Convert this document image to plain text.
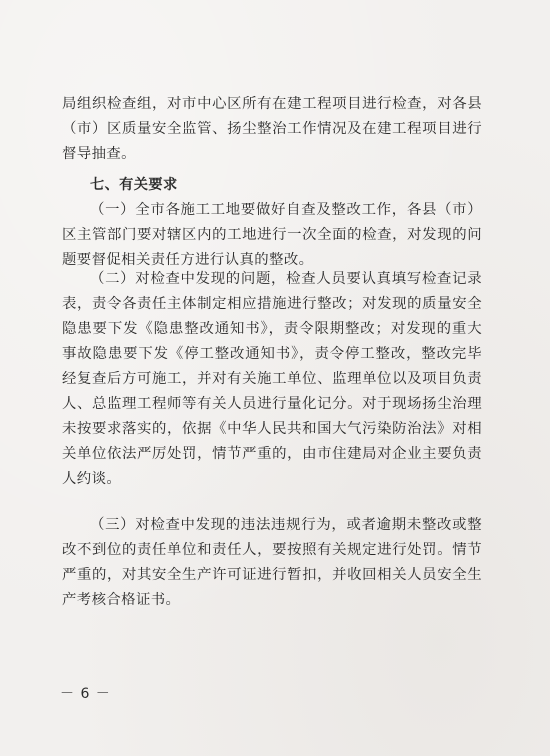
局组织检查组，对市中心区所有在建工程项目进行检查，对各县（市）区质量安全监管、扬尘整治工作情况及在建工程项目进行督导抽查。

七、有关要求

（一）全市各施工工地要做好自查及整改工作，各县（市）区主管部门要对辖区内的工地进行一次全面的检查，对发现的问题要督促相关责任方进行认真的整改。

（二）对检查中发现的问题，检查人员要认真填写检查记录表，责令各责任主体制定相应措施进行整改；对发现的质量安全隐患要下发《隐患整改通知书》，责令限期整改；对发现的重大事故隐患要下发《停工整改通知书》，责令停工整改，整改完毕经复查后方可施工，并对有关施工单位、监理单位以及项目负责人、总监理工程师等有关人员进行量化记分。对于现场扬尘治理未按要求落实的，依据《中华人民共和国大气污染防治法》对相关单位依法严厉处罚，情节严重的，由市住建局对企业主要负责人约谈。

（三）对检查中发现的违法违规行为，或者逾期未整改或整改不到位的责任单位和责任人，要按照有关规定进行处罚。情节严重的，对其安全生产许可证进行暂扣，并收回相关人员安全生产考核合格证书。

－ 6 －
